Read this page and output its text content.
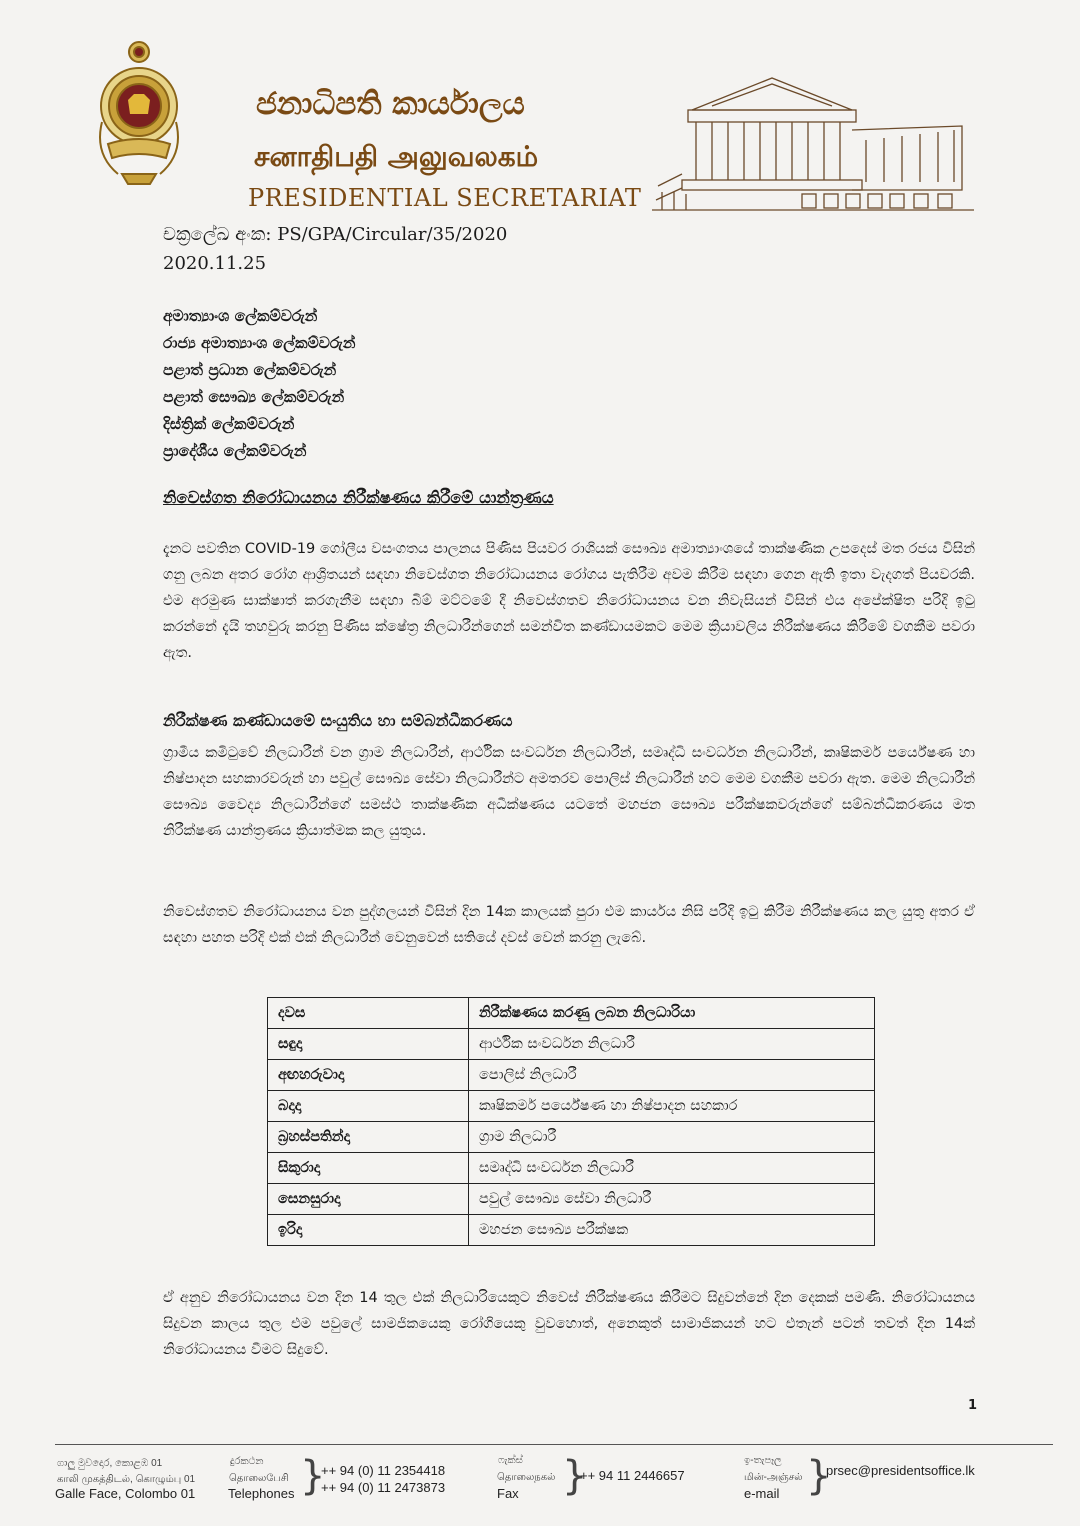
ජනාධිපති කාර්යාලය
சனாதிபதி அலுவலகம்
PRESIDENTIAL SECRETARIAT
චක්‍රලේඛ අංක: PS/GPA/Circular/35/2020
2020.11.25
අමාත්‍යාංශ ලේකම්වරුන්
රාජ්‍ය අමාත්‍යාංශ ලේකම්වරුන්
පළාත් ප්‍රධාන ලේකම්වරුන්
පළාත් සෞඛ්‍ය ලේකම්වරුන්
දිස්ත්‍රික් ලේකම්වරුන්
ප්‍රාදේශීය ලේකම්වරුන්
නිවෙස්ගත නිරෝධායනය නිරීක්ෂණය කිරීමේ යාන්ත්‍රණය
දැනට පවතින COVID-19 ගෝලීය වසංගතය පාලනය පිණිස පියවර රාශියක් සෞඛ්‍ය අමාත්‍යාංශයේ තාක්ෂණික උපදෙස් මත රජය විසින් ගනු ලබන අතර රෝග ආශ්‍රිතයන් සඳහා නිවෙස්ගත නිරෝධායනය රෝගය පැතිරීම අවම කිරීම සඳහා ගෙන ඇති ඉතා වැදගත් පියවරකි. එම අරමුණ සාක්ෂාත් කරගැනීම සඳහා බිම් මට්ටමේ දී නිවෙස්ගතව නිරෝධායනය වන නිවැසියන් විසින් එය අපේක්ෂිත පරිදි ඉටු කරන්නේ දැයි තහවුරු කරනු පිණිස ක්ෂේත්‍ර නිලධාරීන්ගෙන් සමන්විත කණ්ඩායමකට මෙම ක්‍රියාවලිය නිරීක්ෂණය කිරීමේ වගකීම පවරා ඇත.
නිරීක්ෂණ කණ්ඩායමේ සංයුතිය හා සම්බන්ධීකරණය
ග්‍රාමීය කමිටුවේ නිලධාරීන් වන ග්‍රාම නිලධාරීන්, ආර්ථික සංවර්ධන නිලධාරීන්, සමෘද්ධි සංවර්ධන නිලධාරීන්, කෘෂිකර්ම පර්යේෂණ හා නිෂ්පාදන සහකාරවරුන් හා පවුල් සෞඛ්‍ය සේවා නිලධාරීන්ට අමතරව පොලිස් නිලධාරීන් හට මෙම වගකීම පවරා ඇත. මෙම නිලධාරීන් සෞඛ්‍ය වෛද්‍ය නිලධාරීන්ගේ සමස්ථ තාක්ෂණික අධීක්ෂණය යටතේ මහජන සෞඛ්‍ය පරීක්ෂකවරුන්ගේ සම්බන්ධීකරණය මත නිරීක්ෂණ යාන්ත්‍රණය ක්‍රියාත්මක කල යුතුය.
නිවෙස්ගතව නිරෝධායනය වන පුද්ගලයන් විසින් දින 14ක කාලයක් පුරා එම කාර්යය නිසි පරිදි ඉටු කිරීම නිරීක්ෂණය කල යුතු අතර ඒ සඳහා පහත පරිදි එක් එක් නිලධාරීන් වෙනුවෙන් සතියේ දවස් වෙන් කරනු ලැබේ.
දවස	නිරීක්ෂණය කරණු ලබන නිලධාරියා
සඳුදා	ආර්ථික සංවර්ධන නිලධාරී
අඟහරුවාදා	පොලිස් නිලධාරී
බදාදා	කෘෂිකර්ම පර්යේෂණ හා නිෂ්පාදන සහකාර
බ්‍රහස්පතින්දා	ග්‍රාම නිලධාරී
සිකුරාදා	සමෘද්ධි සංවර්ධන නිලධාරී
සෙනසුරාදා	පවුල් සෞඛ්‍ය සේවා නිලධාරී
ඉරිදා	මහජන සෞඛ්‍ය පරීක්ෂක
ඒ අනුව නිරෝධායනය වන දින 14 තුල එක් නිලධාරියෙකුට නිවෙස් නිරීක්ෂණය කිරීමට සිදුවන්නේ දින දෙකක් පමණි. නිරෝධායනය සිදුවන කාලය තුල එම පවුලේ සාමජිකයෙකු රෝගියෙකු වුවහොත්, අනෙකුත් සාමාජිකයන් හට එතැන් පටන් තවත් දින 14ක් නිරෝධායනය වීමට සිදුවේ.
1
ගාලු මුවදොර, කොළඹ 01
காலி முகத்திடல், கொழும்பு 01
Galle Face, Colombo 01
දුරකථන
தொலைபேசி
Telephones }
++ 94 (0) 11 2354418
++ 94 (0) 11 2473873
ෆැක්ස්
தொலைநகல்
Fax }
++ 94 11 2446657
ඉ-තැපෑල
மின்-அஞ்சல்
e-mail }
prsec@presidentsoffice.lk
